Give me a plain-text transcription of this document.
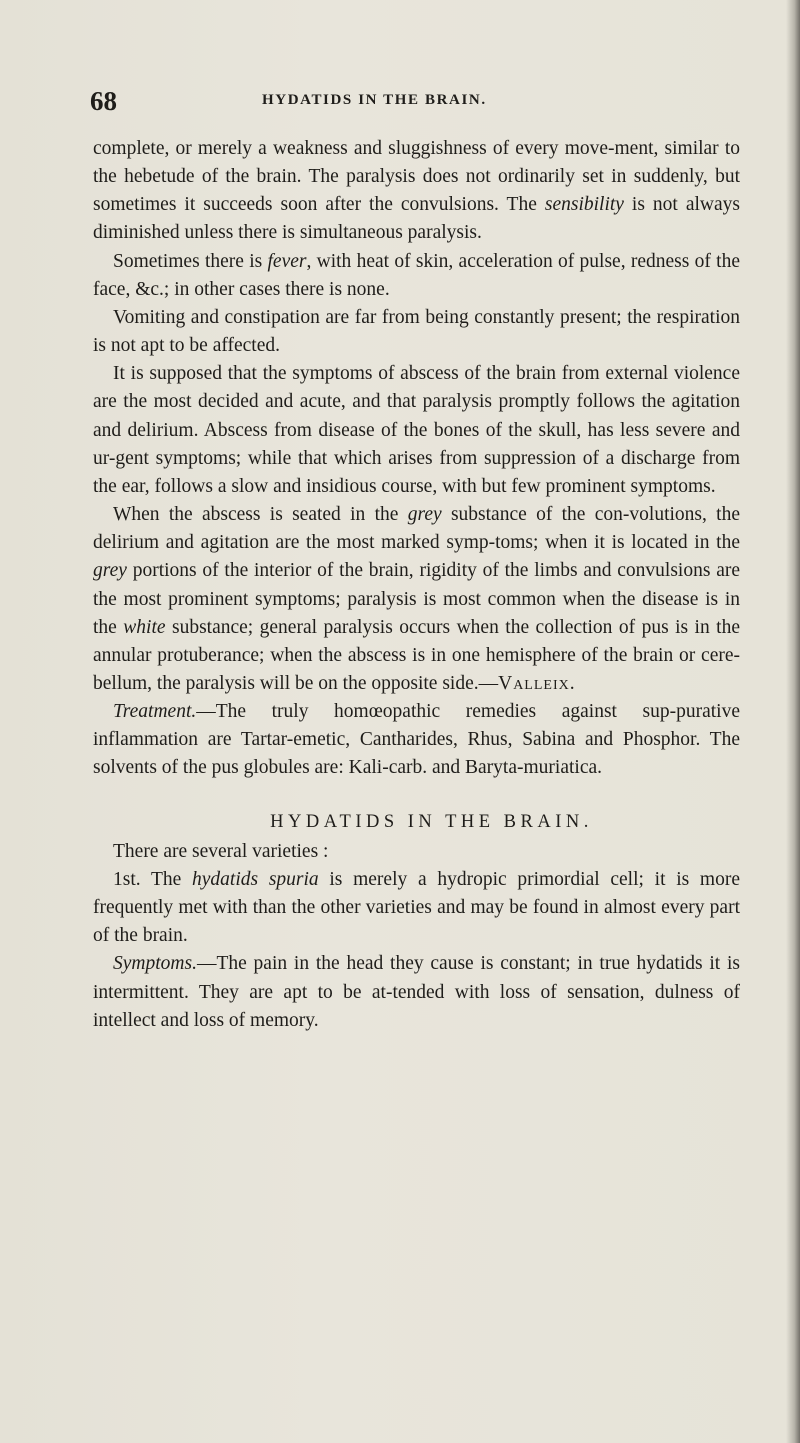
68	HYDATIDS IN THE BRAIN.

complete, or merely a weakness and sluggishness of every move-ment, similar to the hebetude of the brain. The paralysis does not ordinarily set in suddenly, but sometimes it succeeds soon after the convulsions. The sensibility is not always diminished unless there is simultaneous paralysis.

Sometimes there is fever, with heat of skin, acceleration of pulse, redness of the face, &c.; in other cases there is none.

Vomiting and constipation are far from being constantly present; the respiration is not apt to be affected.

It is supposed that the symptoms of abscess of the brain from external violence are the most decided and acute, and that paralysis promptly follows the agitation and delirium. Abscess from disease of the bones of the skull, has less severe and ur-gent symptoms; while that which arises from suppression of a discharge from the ear, follows a slow and insidious course, with but few prominent symptoms.

When the abscess is seated in the grey substance of the con-volutions, the delirium and agitation are the most marked symp-toms; when it is located in the grey portions of the interior of the brain, rigidity of the limbs and convulsions are the most prominent symptoms; paralysis is most common when the disease is in the white substance; general paralysis occurs when the collection of pus is in the annular protuberance; when the abscess is in one hemisphere of the brain or cere-bellum, the paralysis will be on the opposite side.—Valleix.

Treatment.—The truly homœopathic remedies against sup-purative inflammation are Tartar-emetic, Cantharides, Rhus, Sabina and Phosphor. The solvents of the pus globules are: Kali-carb. and Baryta-muriatica.

HYDATIDS IN THE BRAIN.

There are several varieties :

1st. The hydatids spuria is merely a hydropic primordial cell; it is more frequently met with than the other varieties and may be found in almost every part of the brain.

Symptoms.—The pain in the head they cause is constant; in true hydatids it is intermittent. They are apt to be at-tended with loss of sensation, dulness of intellect and loss of memory.
